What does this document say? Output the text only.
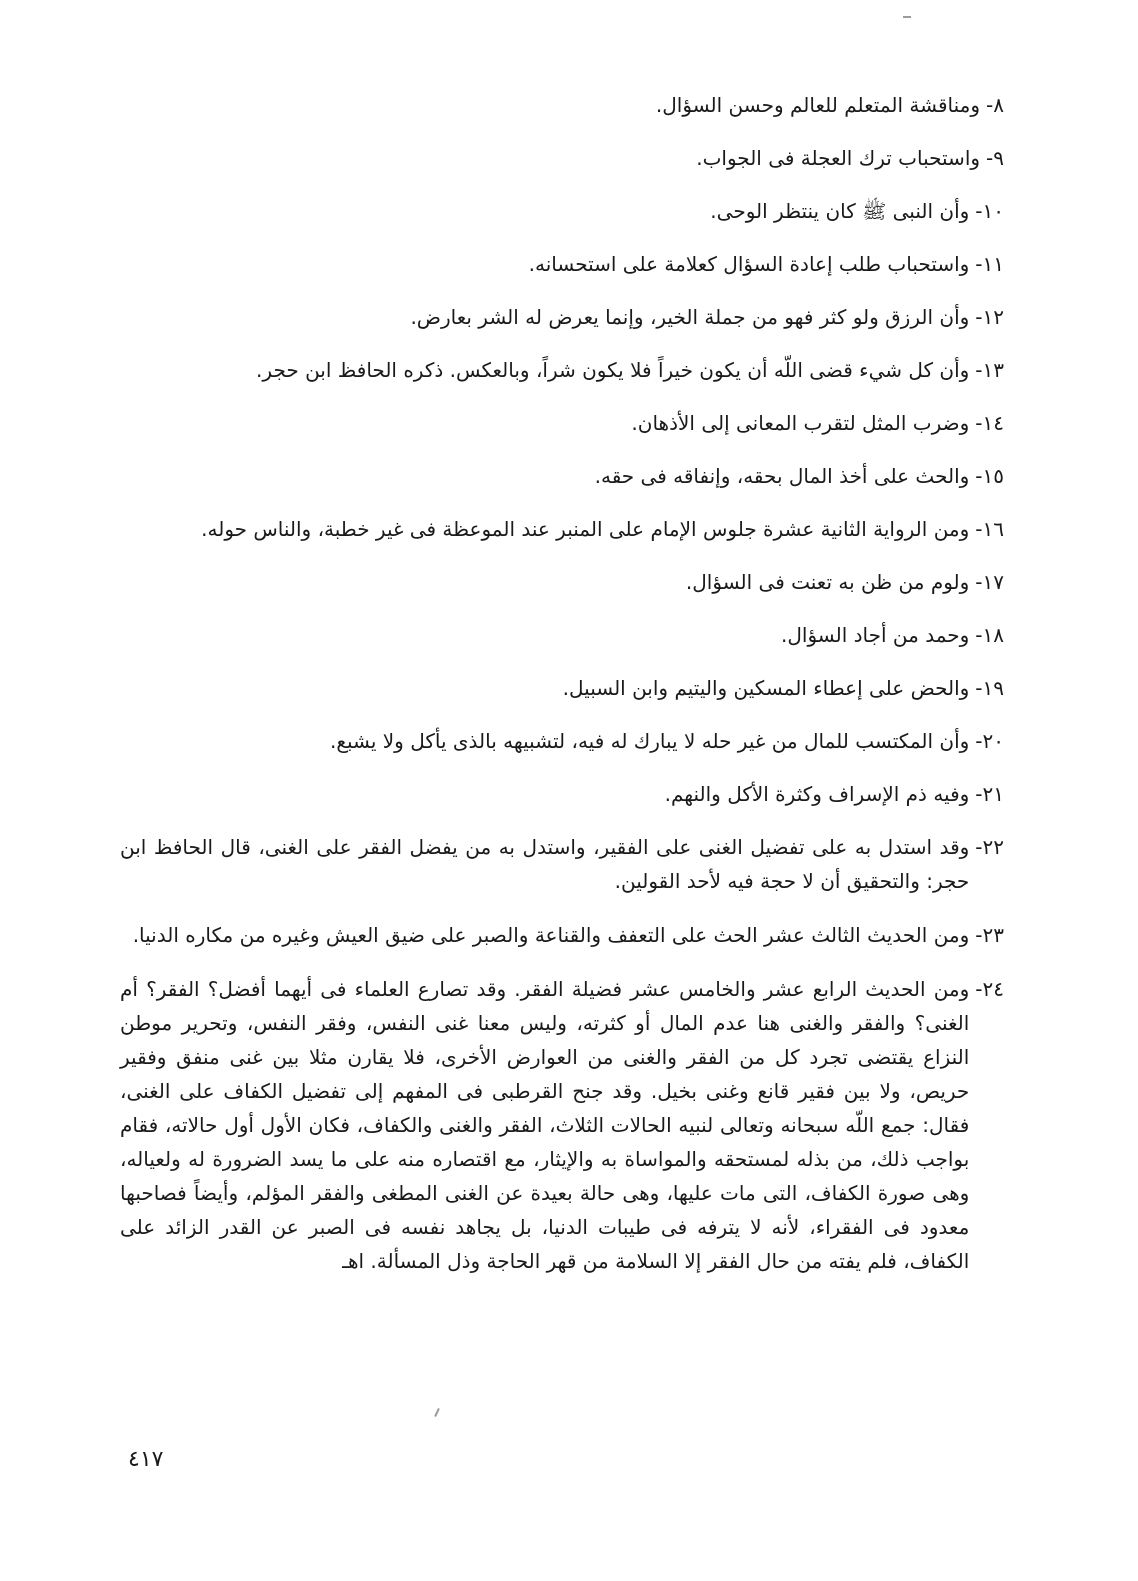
٨-
ومناقشة المتعلم للعالم وحسن السؤال.
٩-
واستحباب ترك العجلة فى الجواب.
١٠-
وأن النبى ﷺ كان ينتظر الوحى.
١١-
واستحباب طلب إعادة السؤال كعلامة على استحسانه.
١٢-
وأن الرزق ولو كثر فهو من جملة الخير، وإنما يعرض له الشر بعارض.
١٣-
وأن كل شيء قضى اللّه أن يكون خيراً فلا يكون شراً، وبالعكس. ذكره الحافظ ابن حجر.
١٤-
وضرب المثل لتقرب المعانى إلى الأذهان.
١٥-
والحث على أخذ المال بحقه، وإنفاقه فى حقه.
١٦-
ومن الرواية الثانية عشرة جلوس الإمام على المنبر عند الموعظة فى غير خطبة، والناس حوله.
١٧-
ولوم من ظن به تعنت فى السؤال.
١٨-
وحمد من أجاد السؤال.
١٩-
والحض على إعطاء المسكين واليتيم وابن السبيل.
٢٠-
وأن المكتسب للمال من غير حله لا يبارك له فيه، لتشبيهه بالذى يأكل ولا يشبع.
٢١-
وفيه ذم الإسراف وكثرة الأكل والنهم.
٢٢-
وقد استدل به على تفضيل الغنى على الفقير، واستدل به من يفضل الفقر على الغنى، قال الحافظ ابن حجر: والتحقيق أن لا حجة فيه لأحد القولين.
٢٣-
ومن الحديث الثالث عشر الحث على التعفف والقناعة والصبر على ضيق العيش وغيره من مكاره الدنيا.
٢٤-
ومن الحديث الرابع عشر والخامس عشر فضيلة الفقر. وقد تصارع العلماء فى أيهما أفضل؟ الفقر؟ أم الغنى؟ والفقر والغنى هنا عدم المال أو كثرته، وليس معنا غنى النفس، وفقر النفس، وتحرير موطن النزاع يقتضى تجرد كل من الفقر والغنى من العوارض الأخرى، فلا يقارن مثلا بين غنى منفق وفقير حريص، ولا بين فقير قانع وغنى بخيل. وقد جنح القرطبى فى المفهم إلى تفضيل الكفاف على الغنى، فقال: جمع اللّه سبحانه وتعالى لنبيه الحالات الثلاث، الفقر والغنى والكفاف، فكان الأول أول حالاته، فقام بواجب ذلك، من بذله لمستحقه والمواساة به والإيثار، مع اقتصاره منه على ما يسد الضرورة له ولعياله، وهى صورة الكفاف، التى مات عليها، وهى حالة بعيدة عن الغنى المطغى والفقر المؤلم، وأيضاً فصاحبها معدود فى الفقراء، لأنه لا يترفه فى طيبات الدنيا، بل يجاهد نفسه فى الصبر عن القدر الزائد على الكفاف، فلم يفته من حال الفقر إلا السلامة من قهر الحاجة وذل المسألة. اهـ
٤١٧
